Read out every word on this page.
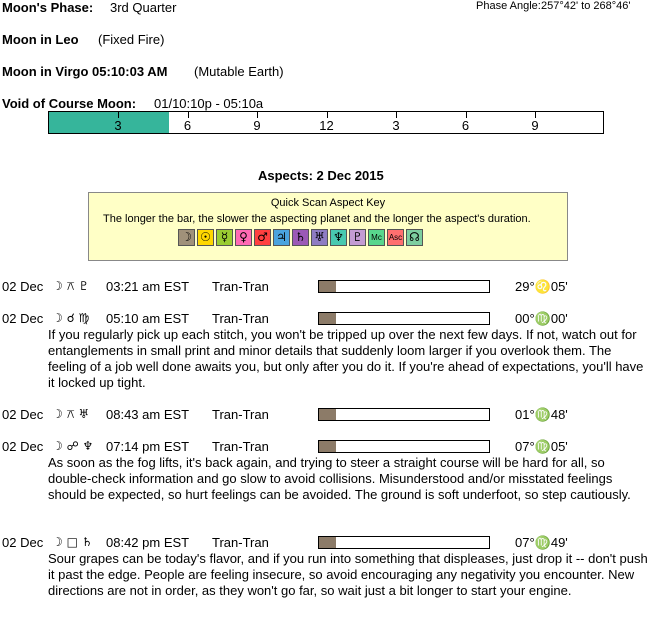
Moon's Phase: 3rd Quarter	Phase Angle: 257°42' to 268°46'
Moon in Leo (Fixed Fire)
Moon in Virgo 05:10:03 AM (Mutable Earth)
Void of Course Moon: 01/10:10p - 05:10a
3	6	9	12	3	6	9
Aspects: 2 Dec 2015
Quick Scan Aspect Key
The longer the bar, the slower the aspecting planet and the longer the aspect's duration.
☽ ☉ ☿ ♀ ♂ ♃ ♄ ♅ ♆ ♇	Mc Asc ☊
02 Dec ☽ ⚻ ♇ 03:21 am EST Tran-Tran	29°♌05'
02 Dec ☽ ☌ ♍ 05:10 am EST Tran-Tran	00°♍00'
If you regularly pick up each stitch, you won't be tripped up over the next few days. If not, watch out for entanglements in small print and minor details that suddenly loom larger if you overlook them. The feeling of a job well done awaits you, but only after you do it. If you're ahead of expectations, you'll have it locked up tight.
02 Dec ☽ ⚻ ♅ 08:43 am EST Tran-Tran	01°♍48'
02 Dec ☽ ☍ ♆ 07:14 pm EST Tran-Tran	07°♍05'
As soon as the fog lifts, it's back again, and trying to steer a straight course will be hard for all, so double-check information and go slow to avoid collisions. Misunderstood and/or misstated feelings should be expected, so hurt feelings can be avoided. The ground is soft underfoot, so step cautiously.
02 Dec ☽ □ ♄ 08:42 pm EST Tran-Tran	07°♍49'
Sour grapes can be today's flavor, and if you run into something that displeases, just drop it -- don't push it past the edge. People are feeling insecure, so avoid encouraging any negativity you encounter. New directions are not in order, as they won't go far, so wait just a bit longer to start your engine.
